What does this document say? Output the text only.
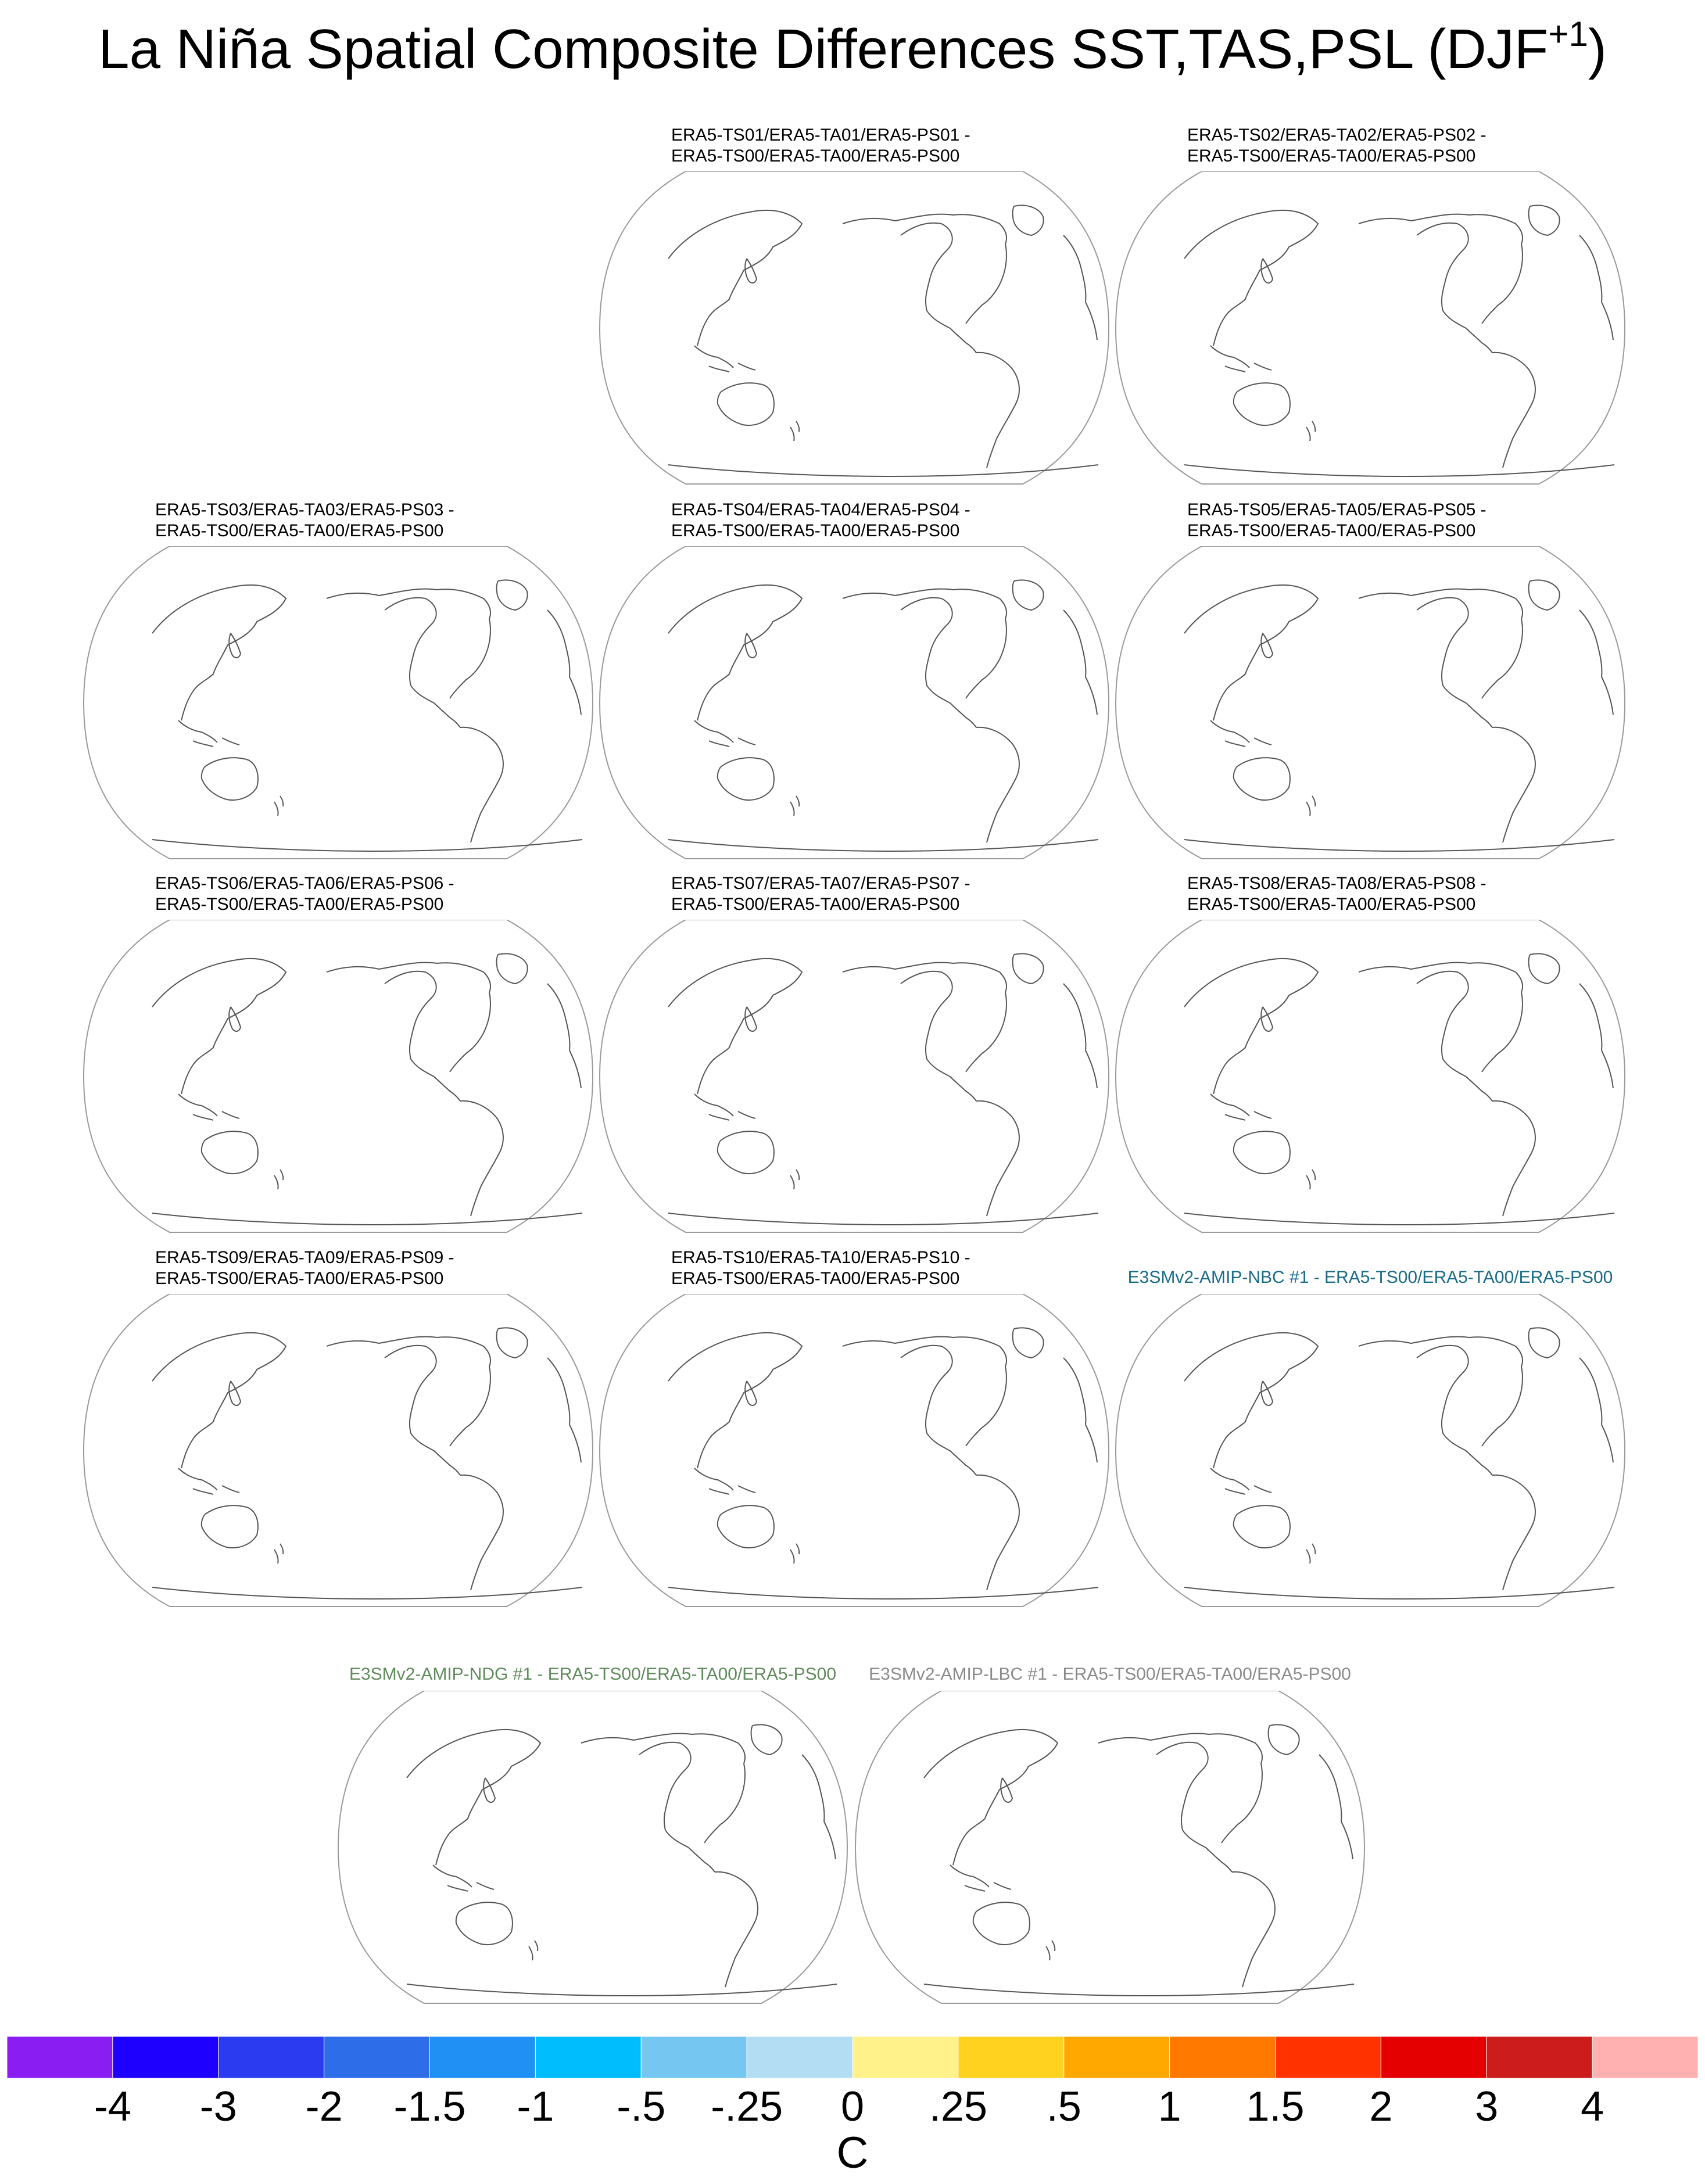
La Niña Spatial Composite Differences SST,TAS,PSL $(DJF^{+1})$
ERA5-TS01/ERA5-TA01/ERA5-PS01 -
ERA5-TS00/ERA5-TA00/ERA5-PS00
ERA5-TS02/ERA5-TA02/ERA5-PS02 -
ERA5-TS00/ERA5-TA00/ERA5-PS00
ERA5-TS03/ERA5-TA03/ERA5-PS03 -
ERA5-TS00/ERA5-TA00/ERA5-PS00
ERA5-TS04/ERA5-TA04/ERA5-PS04 -
ERA5-TS00/ERA5-TA00/ERA5-PS00
ERA5-TS05/ERA5-TA05/ERA5-PS05 -
ERA5-TS00/ERA5-TA00/ERA5-PS00
ERA5-TS06/ERA5-TA06/ERA5-PS06 -
ERA5-TS00/ERA5-TA00/ERA5-PS00
ERA5-TS07/ERA5-TA07/ERA5-PS07 -
ERA5-TS00/ERA5-TA00/ERA5-PS00
ERA5-TS08/ERA5-TA08/ERA5-PS08 -
ERA5-TS00/ERA5-TA00/ERA5-PS00
ERA5-TS09/ERA5-TA09/ERA5-PS09 -
ERA5-TS00/ERA5-TA00/ERA5-PS00
ERA5-TS10/ERA5-TA10/ERA5-PS10 -
ERA5-TS00/ERA5-TA00/ERA5-PS00	E3SMv2-AMIP-NBC #1 - ERA5-TS00/ERA5-TA00/ERA5-PS00
E3SMv2-AMIP-NDG #1 - ERA5-TS00/ERA5-TA00/ERA5-PS00	E3SMv2-AMIP-LBC #1 - ERA5-TS00/ERA5-TA00/ERA5-PS00
-4 -3 -2 -1.5 -1 -.5 -.25 0 .25 .5 1 1.5 2 3 4
C
